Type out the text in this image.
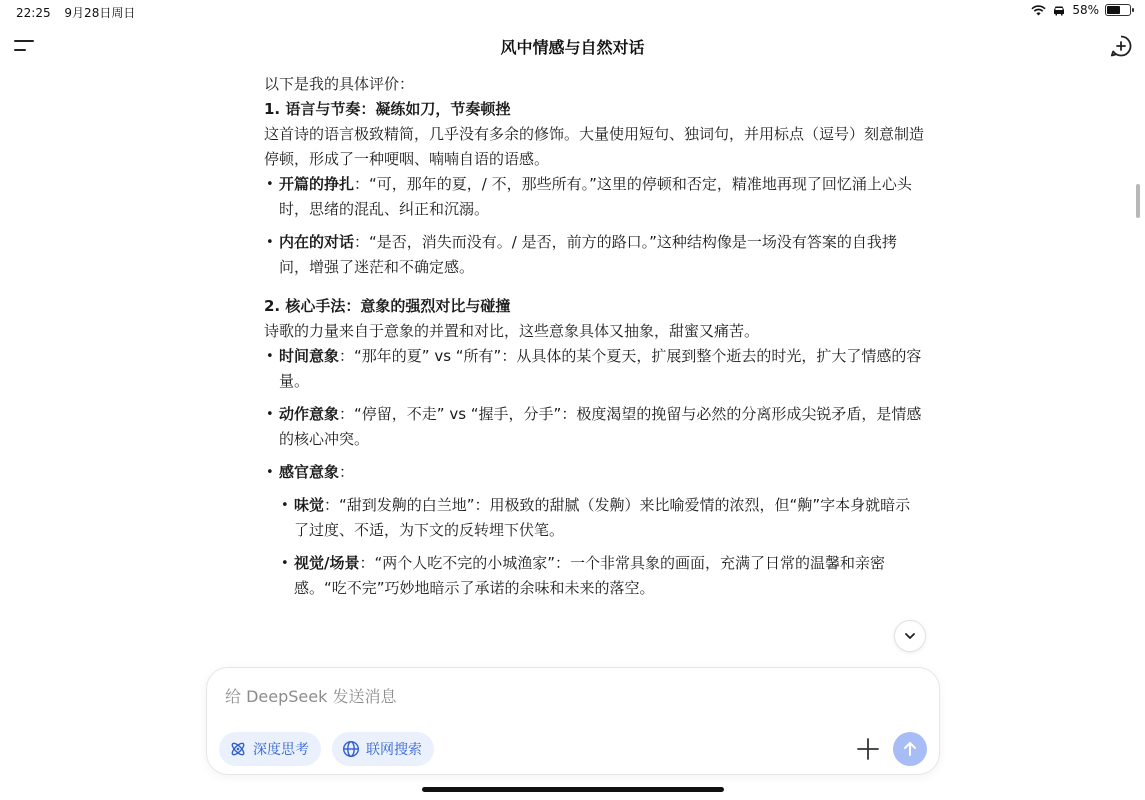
22:25 9月28日周日	58%
风中情感与自然对话

以下是我的具体评价：

1. 语言与节奏：凝练如刀，节奏顿挫

这首诗的语言极致精简，几乎没有多余的修饰。大量使用短句、独词句，并用标点（逗号）刻意制造停顿，形成了一种哽咽、喃喃自语的语感。

• 开篇的挣扎：“可，那年的夏，/ 不，那些所有。”这里的停顿和否定，精准地再现了回忆涌上心头时，思绪的混乱、纠正和沉溺。
• 内在的对话：“是否，消失而没有。/ 是否，前方的路口。”这种结构像是一场没有答案的自我拷问，增强了迷茫和不确定感。

2. 核心手法：意象的强烈对比与碰撞

诗歌的力量来自于意象的并置和对比，这些意象具体又抽象，甜蜜又痛苦。

• 时间意象：“那年的夏” vs “所有”：从具体的某个夏天，扩展到整个逝去的时光，扩大了情感的容量。
• 动作意象：“停留，不走” vs “握手，分手”：极度渴望的挽留与必然的分离形成尖锐矛盾，是情感的核心冲突。
• 感官意象：
• 味觉：“甜到发齁的白兰地”：用极致的甜腻（发齁）来比喻爱情的浓烈，但“齁”字本身就暗示了过度、不适，为下文的反转埋下伏笔。
• 视觉/场景：“两个人吃不完的小城渔家”：一个非常具象的画面，充满了日常的温馨和亲密感。“吃不完”巧妙地暗示了承诺的余味和未来的落空。
给 DeepSeek 发送消息
深度思考	联网搜索
